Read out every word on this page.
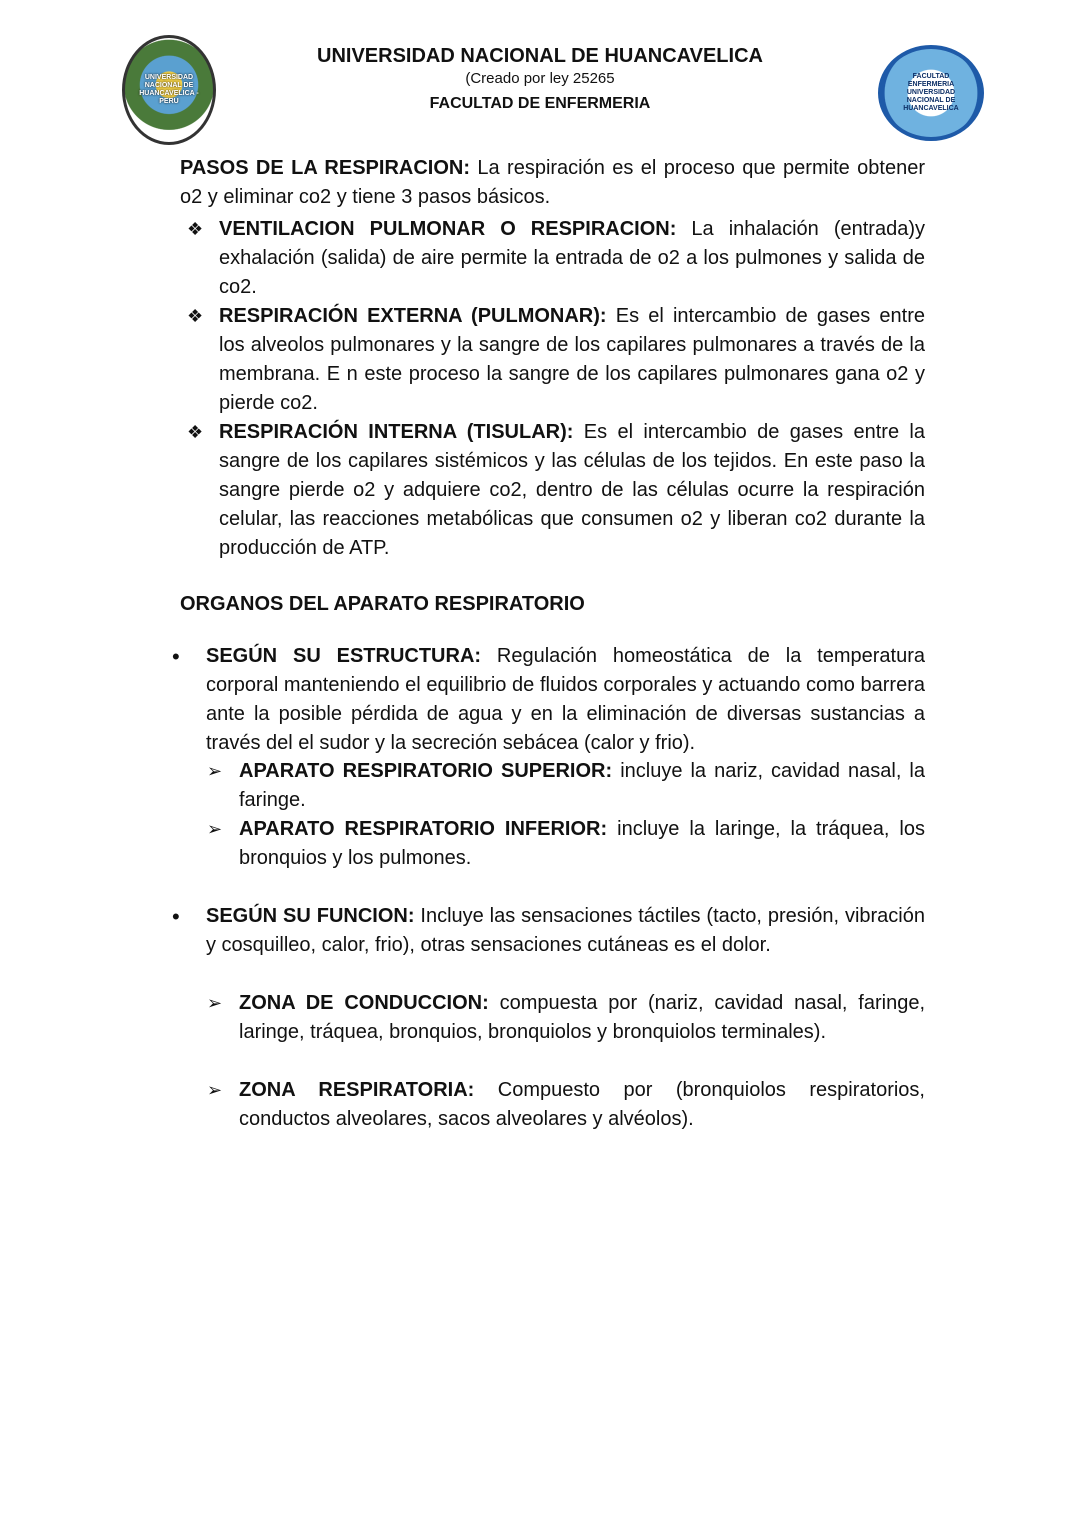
UNIVERSIDAD NACIONAL DE HUANCAVELICA - PERU
FACULTAD ENFERMERIA UNIVERSIDAD NACIONAL DE HUANCAVELICA
UNIVERSIDAD NACIONAL DE HUANCAVELICA
(Creado por ley 25265
FACULTAD DE ENFERMERIA
PASOS DE LA RESPIRACION: La respiración es el proceso que permite obtener o2 y eliminar co2 y tiene 3 pasos básicos.
❖ VENTILACION PULMONAR O RESPIRACION: La inhalación (entrada)y exhalación (salida) de aire permite la entrada de o2 a los pulmones y salida de co2.
❖ RESPIRACIÓN EXTERNA (PULMONAR): Es el intercambio de gases entre los alveolos pulmonares y la sangre de los capilares pulmonares a través de la membrana. E n este proceso la sangre de los capilares pulmonares gana o2 y pierde co2.
❖ RESPIRACIÓN INTERNA (TISULAR): Es el intercambio de gases entre la sangre de los capilares sistémicos y las células de los tejidos. En este paso la sangre pierde o2 y adquiere co2, dentro de las células ocurre la respiración celular, las reacciones metabólicas que consumen o2 y liberan co2 durante la producción de ATP.
ORGANOS DEL APARATO RESPIRATORIO
• SEGÚN SU ESTRUCTURA: Regulación homeostática de la temperatura corporal manteniendo el equilibrio de fluidos corporales y actuando como barrera ante la posible pérdida de agua y en la eliminación de diversas sustancias a través del el sudor y la secreción sebácea (calor y frio).
➢ APARATO RESPIRATORIO SUPERIOR: incluye la nariz, cavidad nasal, la faringe.
➢ APARATO RESPIRATORIO INFERIOR: incluye la laringe, la tráquea, los bronquios y los pulmones.
• SEGÚN SU FUNCION: Incluye las sensaciones táctiles (tacto, presión, vibración y cosquilleo, calor, frio), otras sensaciones cutáneas es el dolor.
➢ ZONA DE CONDUCCION: compuesta por (nariz, cavidad nasal, faringe, laringe, tráquea, bronquios, bronquiolos y bronquiolos terminales).
➢ ZONA RESPIRATORIA: Compuesto por (bronquiolos respiratorios, conductos alveolares, sacos alveolares y alvéolos).
